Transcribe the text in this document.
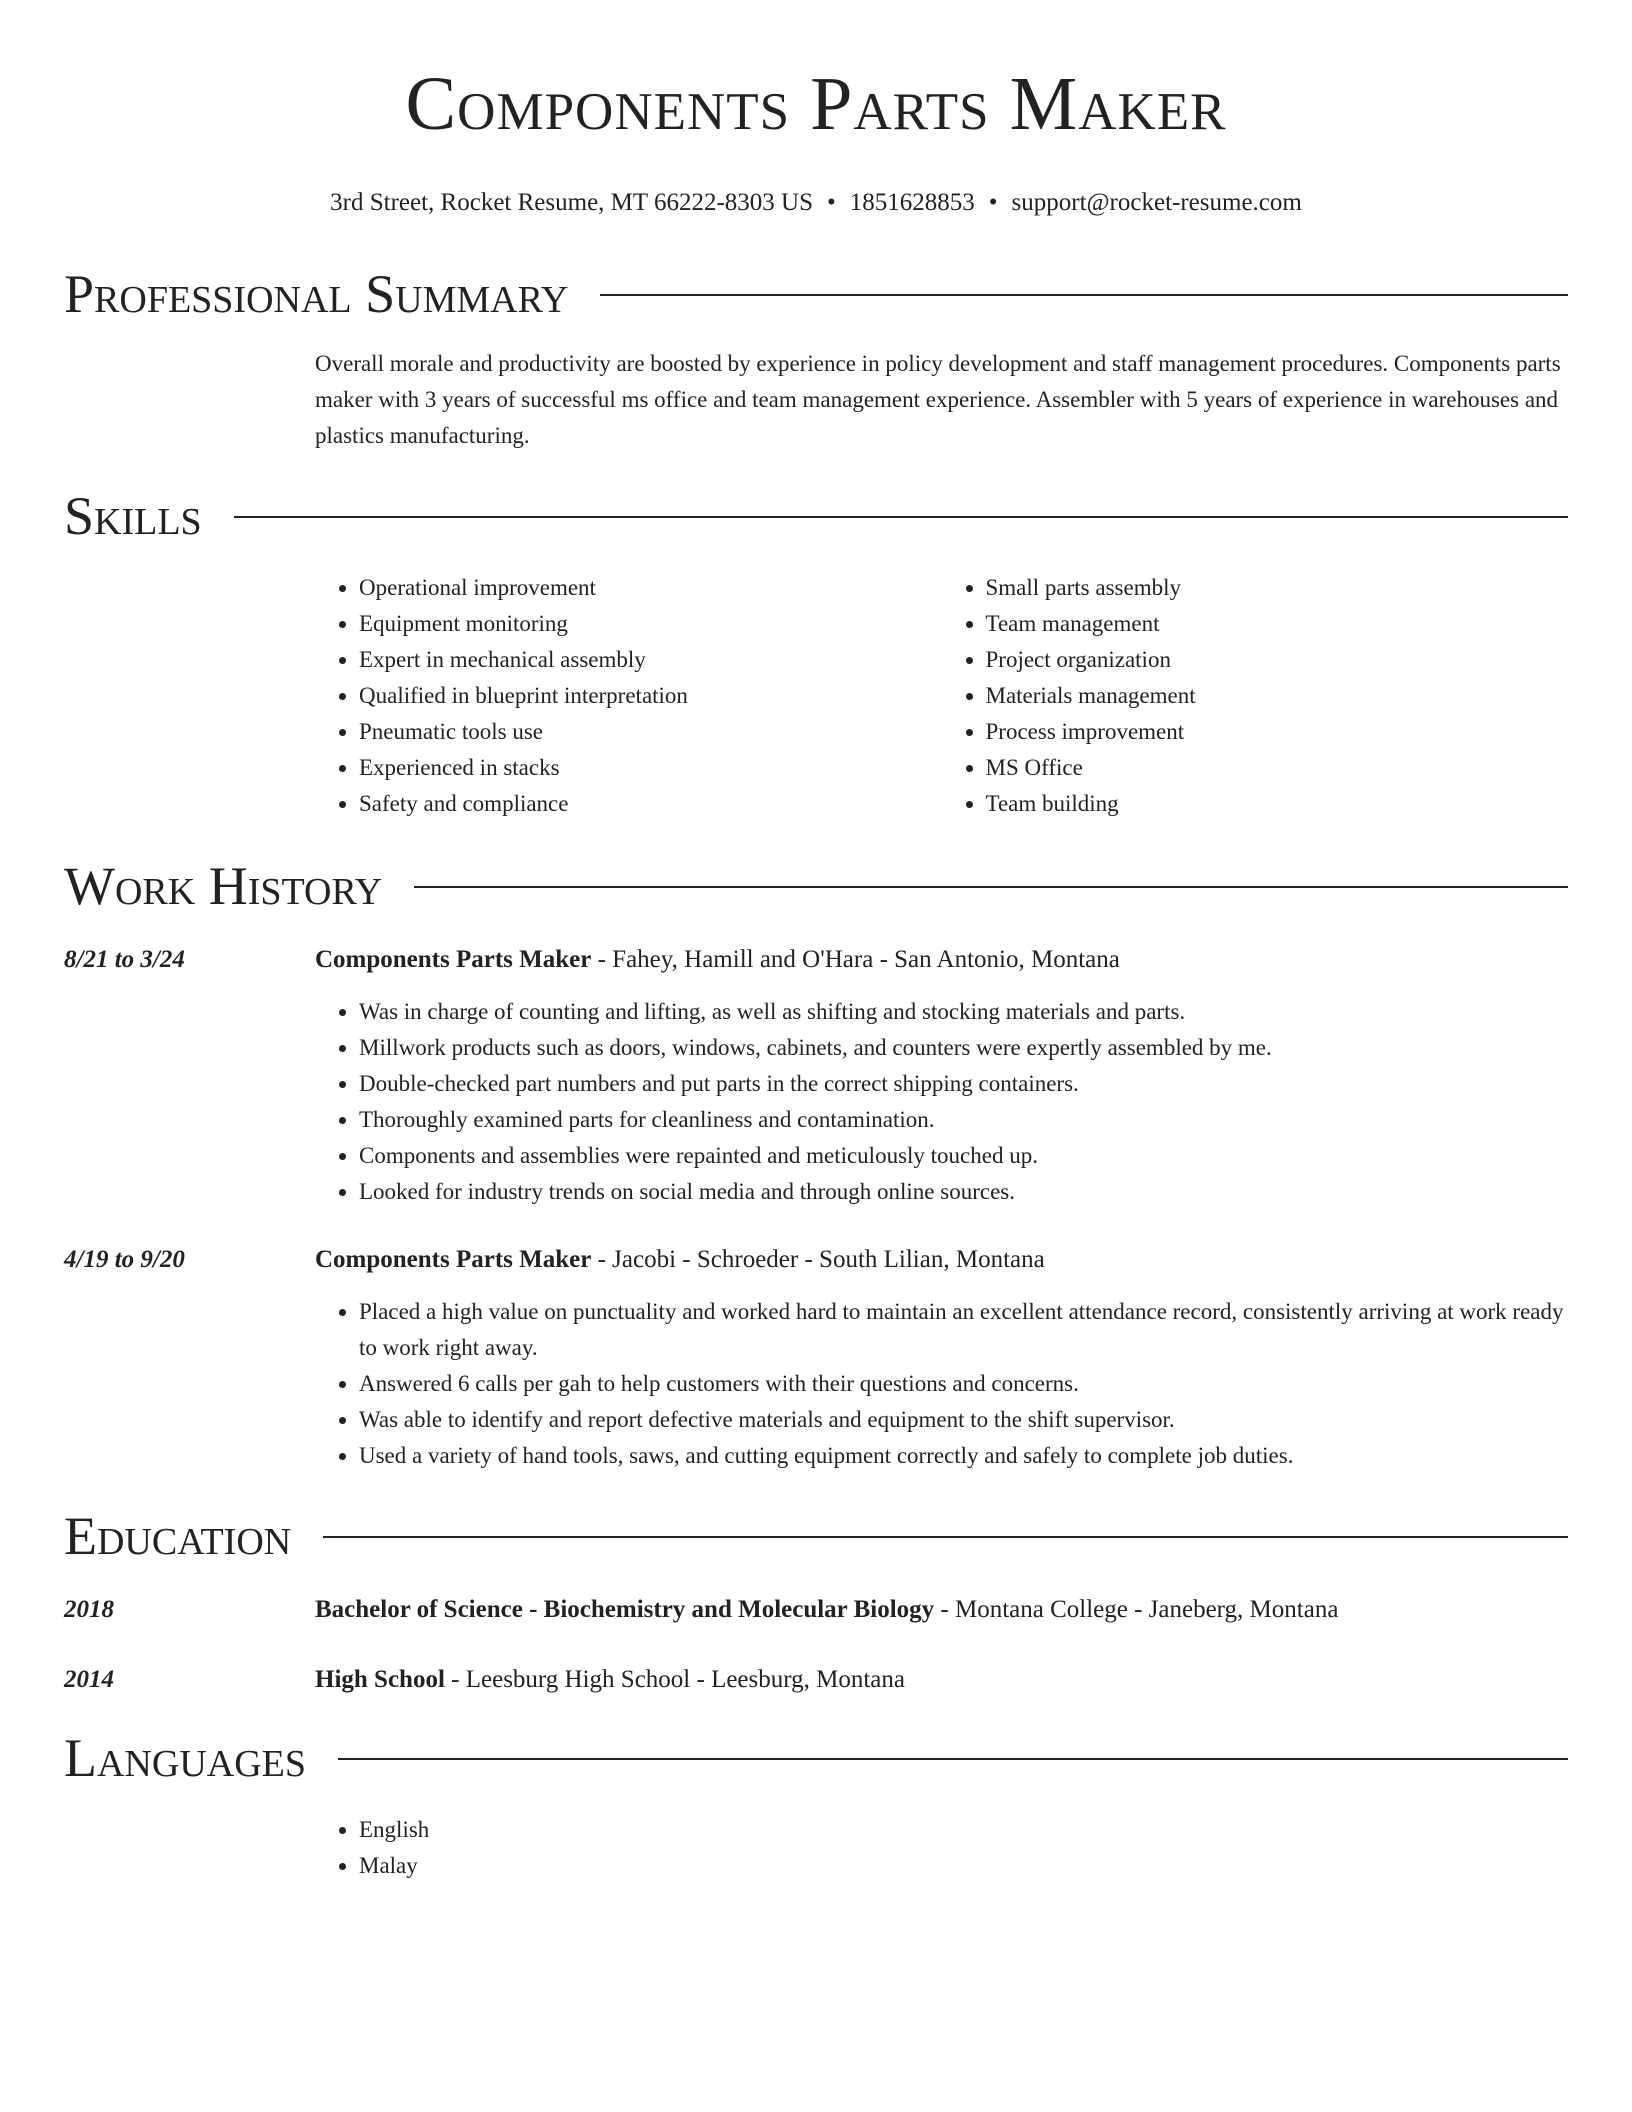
Components Parts Maker
3rd Street, Rocket Resume, MT 66222-8303 US • 1851628853 • support@rocket-resume.com
Professional Summary
Overall morale and productivity are boosted by experience in policy development and staff management procedures. Components parts maker with 3 years of successful ms office and team management experience. Assembler with 5 years of experience in warehouses and plastics manufacturing.
Skills
• Operational improvement
• Equipment monitoring
• Expert in mechanical assembly
• Qualified in blueprint interpretation
• Pneumatic tools use
• Experienced in stacks
• Safety and compliance
• Small parts assembly
• Team management
• Project organization
• Materials management
• Process improvement
• MS Office
• Team building
Work History
8/21 to 3/24	Components Parts Maker - Fahey, Hamill and O'Hara - San Antonio, Montana
• Was in charge of counting and lifting, as well as shifting and stocking materials and parts.
• Millwork products such as doors, windows, cabinets, and counters were expertly assembled by me.
• Double-checked part numbers and put parts in the correct shipping containers.
• Thoroughly examined parts for cleanliness and contamination.
• Components and assemblies were repainted and meticulously touched up.
• Looked for industry trends on social media and through online sources.
4/19 to 9/20	Components Parts Maker - Jacobi - Schroeder - South Lilian, Montana
• Placed a high value on punctuality and worked hard to maintain an excellent attendance record, consistently arriving at work ready to work right away.
• Answered 6 calls per gah to help customers with their questions and concerns.
• Was able to identify and report defective materials and equipment to the shift supervisor.
• Used a variety of hand tools, saws, and cutting equipment correctly and safely to complete job duties.
Education
2018	Bachelor of Science - Biochemistry and Molecular Biology - Montana College - Janeberg, Montana
2014	High School - Leesburg High School - Leesburg, Montana
Languages
• English
• Malay
